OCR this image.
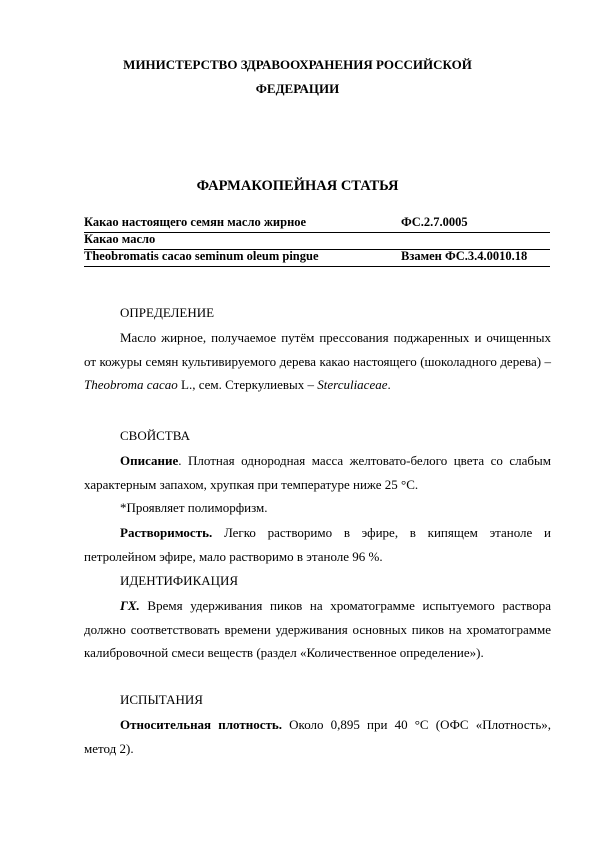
МИНИСТЕРСТВО ЗДРАВООХРАНЕНИЯ РОССИЙСКОЙ
ФЕДЕРАЦИИ
ФАРМАКОПЕЙНАЯ СТАТЬЯ
Какао настоящего семян масло жирное	ФС.2.7.0005
Какао масло
Theobromatis cacao seminum oleum pingue	Взамен ФС.3.4.0010.18
ОПРЕДЕЛЕНИЕ

Масло жирное, получаемое путём прессования поджаренных и очищенных от кожуры семян культивируемого дерева какао настоящего (шоколадного дерева) – Theobroma cacao L., сем. Стеркулиевых – Sterculiaceae.

СВОЙСТВА

Описание. Плотная однородная масса желтовато-белого цвета со слабым характерным запахом, хрупкая при температуре ниже 25 °С.

*Проявляет полиморфизм.

Растворимость. Легко растворимо в эфире, в кипящем этаноле и петролейном эфире, мало растворимо в этаноле 96 %.

ИДЕНТИФИКАЦИЯ

ГХ. Время удерживания пиков на хроматограмме испытуемого раствора должно соответствовать времени удерживания основных пиков на хроматограмме калибровочной смеси веществ (раздел «Количественное определение»).

ИСПЫТАНИЯ

Относительная плотность. Около 0,895 при 40 °С (ОФС «Плотность», метод 2).
